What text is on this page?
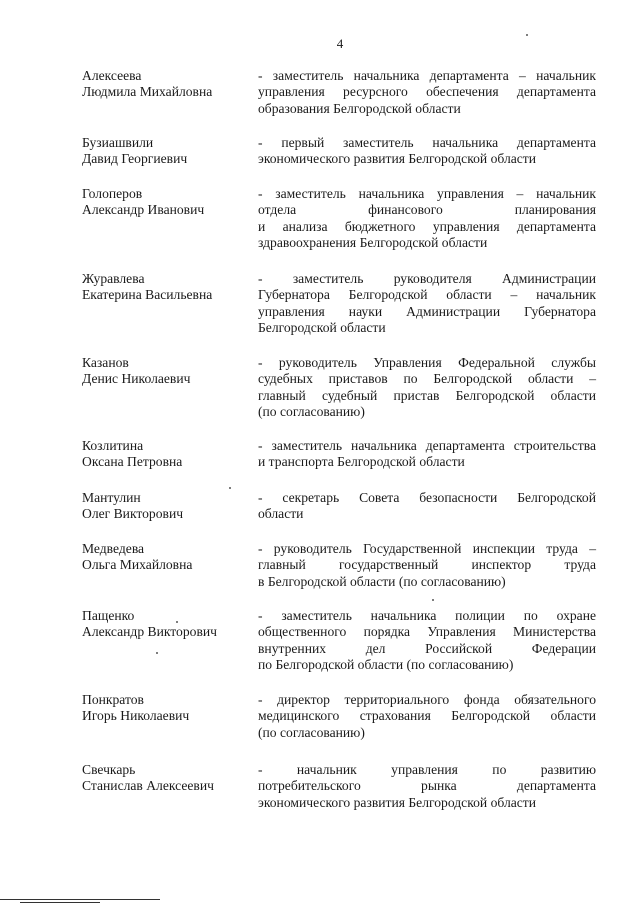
4
Алексеева
Людмила Михайловна
- заместитель начальника департамента – начальник
управления ресурсного обеспечения департамента
образования Белгородской области
Бузиашвили
Давид Георгиевич
- первый заместитель начальника департамента
экономического развития Белгородской области
Голоперов
Александр Иванович
- заместитель начальника управления – начальник
отдела финансового планирования
и анализа бюджетного управления департамента
здравоохранения Белгородской области
Журавлева
Екатерина Васильевна
- заместитель руководителя Администрации
Губернатора Белгородской области – начальник
управления науки Администрации Губернатора
Белгородской области
Казанов
Денис Николаевич
- руководитель Управления Федеральной службы
судебных приставов по Белгородской области –
главный судебный пристав Белгородской области
(по согласованию)
Козлитина
Оксана Петровна
- заместитель начальника департамента строительства
и транспорта Белгородской области
Мантулин
Олег Викторович
- секретарь Совета безопасности Белгородской
области
Медведева
Ольга Михайловна
- руководитель Государственной инспекции труда –
главный государственный инспектор труда
в Белгородской области (по согласованию)
Пащенко
Александр Викторович
- заместитель начальника полиции по охране
общественного порядка Управления Министерства
внутренних дел Российской Федерации
по Белгородской области (по согласованию)
Понкратов
Игорь Николаевич
- директор территориального фонда обязательного
медицинского страхования Белгородской области
(по согласованию)
Свечкарь
Станислав Алексеевич
- начальник управления по развитию
потребительского рынка департамента
экономического развития Белгородской области
